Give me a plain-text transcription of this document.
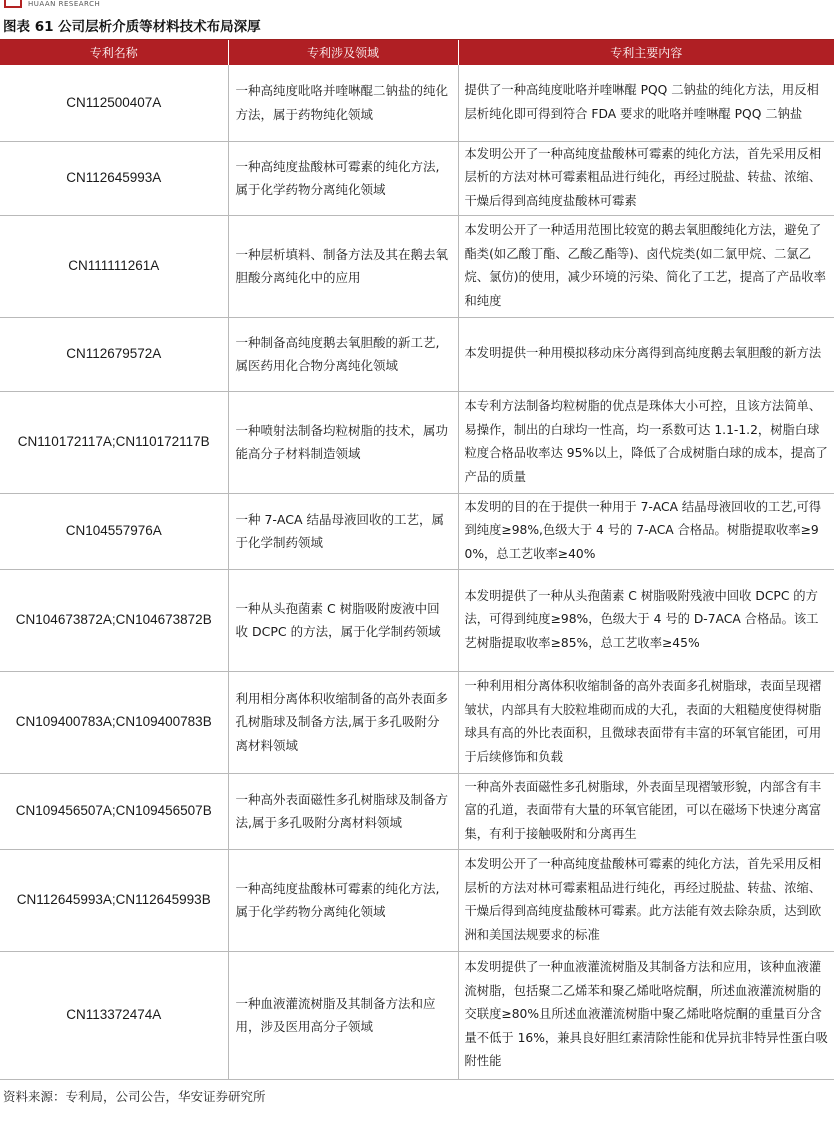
HUAAN RESEARCH
图表 61 公司层析介质等材料技术布局深厚
专利名称	专利涉及领域	专利主要内容
CN112500407A	一种高纯度吡咯并喹啉醌二钠盐的纯化方法，属于药物纯化领域	提供了一种高纯度吡咯并喹啉醌 PQQ 二钠盐的纯化方法，用反相层析纯化即可得到符合 FDA 要求的吡咯并喹啉醌 PQQ 二钠盐
CN112645993A	一种高纯度盐酸林可霉素的纯化方法,属于化学药物分离纯化领域	本发明公开了一种高纯度盐酸林可霉素的纯化方法，首先采用反相层析的方法对林可霉素粗品进行纯化，再经过脱盐、转盐、浓缩、干燥后得到高纯度盐酸林可霉素
CN111111261A	一种层析填料、制备方法及其在鹅去氧胆酸分离纯化中的应用	本发明公开了一种适用范围比较宽的鹅去氧胆酸纯化方法，避免了酯类(如乙酸丁酯、乙酸乙酯等)、卤代烷类(如二氯甲烷、二氯乙烷、氯仿)的使用，减少环境的污染、简化了工艺，提高了产品收率和纯度
CN112679572A	一种制备高纯度鹅去氧胆酸的新工艺,属医药用化合物分离纯化领域	本发明提供一种用模拟移动床分离得到高纯度鹅去氧胆酸的新方法
CN110172117A;CN110172117B	一种喷射法制备均粒树脂的技术，属功能高分子材料制造领域	本专利方法制备均粒树脂的优点是珠体大小可控，且该方法简单、易操作，制出的白球均一性高，均一系数可达 1.1-1.2，树脂白球粒度合格品收率达 95%以上，降低了合成树脂白球的成本，提高了产品的质量
CN104557976A	一种 7-ACA 结晶母液回收的工艺，属于化学制药领域	本发明的目的在于提供一种用于 7-ACA 结晶母液回收的工艺,可得到纯度≥98%,色级大于 4 号的 7-ACA 合格品。树脂提取收率≥90%，总工艺收率≥40%
CN104673872A;CN104673872B	一种从头孢菌素 C 树脂吸附废液中回收 DCPC 的方法，属于化学制药领域	本发明提供了一种从头孢菌素 C 树脂吸附残液中回收 DCPC 的方法，可得到纯度≥98%，色级大于 4 号的 D-7ACA 合格品。该工艺树脂提取收率≥85%，总工艺收率≥45%
CN109400783A;CN109400783B	利用相分离体积收缩制备的高外表面多孔树脂球及制备方法,属于多孔吸附分离材料领域	一种利用相分离体积收缩制备的高外表面多孔树脂球，表面呈现褶皱状，内部具有大胶粒堆砌而成的大孔，表面的大粗糙度使得树脂球具有高的外比表面积，且微球表面带有丰富的环氧官能团，可用于后续修饰和负载
CN109456507A;CN109456507B	一种高外表面磁性多孔树脂球及制备方法,属于多孔吸附分离材料领域	一种高外表面磁性多孔树脂球，外表面呈现褶皱形貌，内部含有丰富的孔道，表面带有大量的环氧官能团，可以在磁场下快速分离富集，有利于接触吸附和分离再生
CN112645993A;CN112645993B	一种高纯度盐酸林可霉素的纯化方法,属于化学药物分离纯化领域	本发明公开了一种高纯度盐酸林可霉素的纯化方法，首先采用反相层析的方法对林可霉素粗品进行纯化，再经过脱盐、转盐、浓缩、干燥后得到高纯度盐酸林可霉素。此方法能有效去除杂质，达到欧洲和美国法规要求的标准
CN113372474A	一种血液灌流树脂及其制备方法和应用，涉及医用高分子领域	本发明提供了一种血液灌流树脂及其制备方法和应用，该种血液灌流树脂，包括聚二乙烯苯和聚乙烯吡咯烷酮，所述血液灌流树脂的交联度≥80%且所述血液灌流树脂中聚乙烯吡咯烷酮的重量百分含量不低于 16%，兼具良好胆红素清除性能和优异抗非特异性蛋白吸附性能
资料来源：专利局，公司公告，华安证券研究所
